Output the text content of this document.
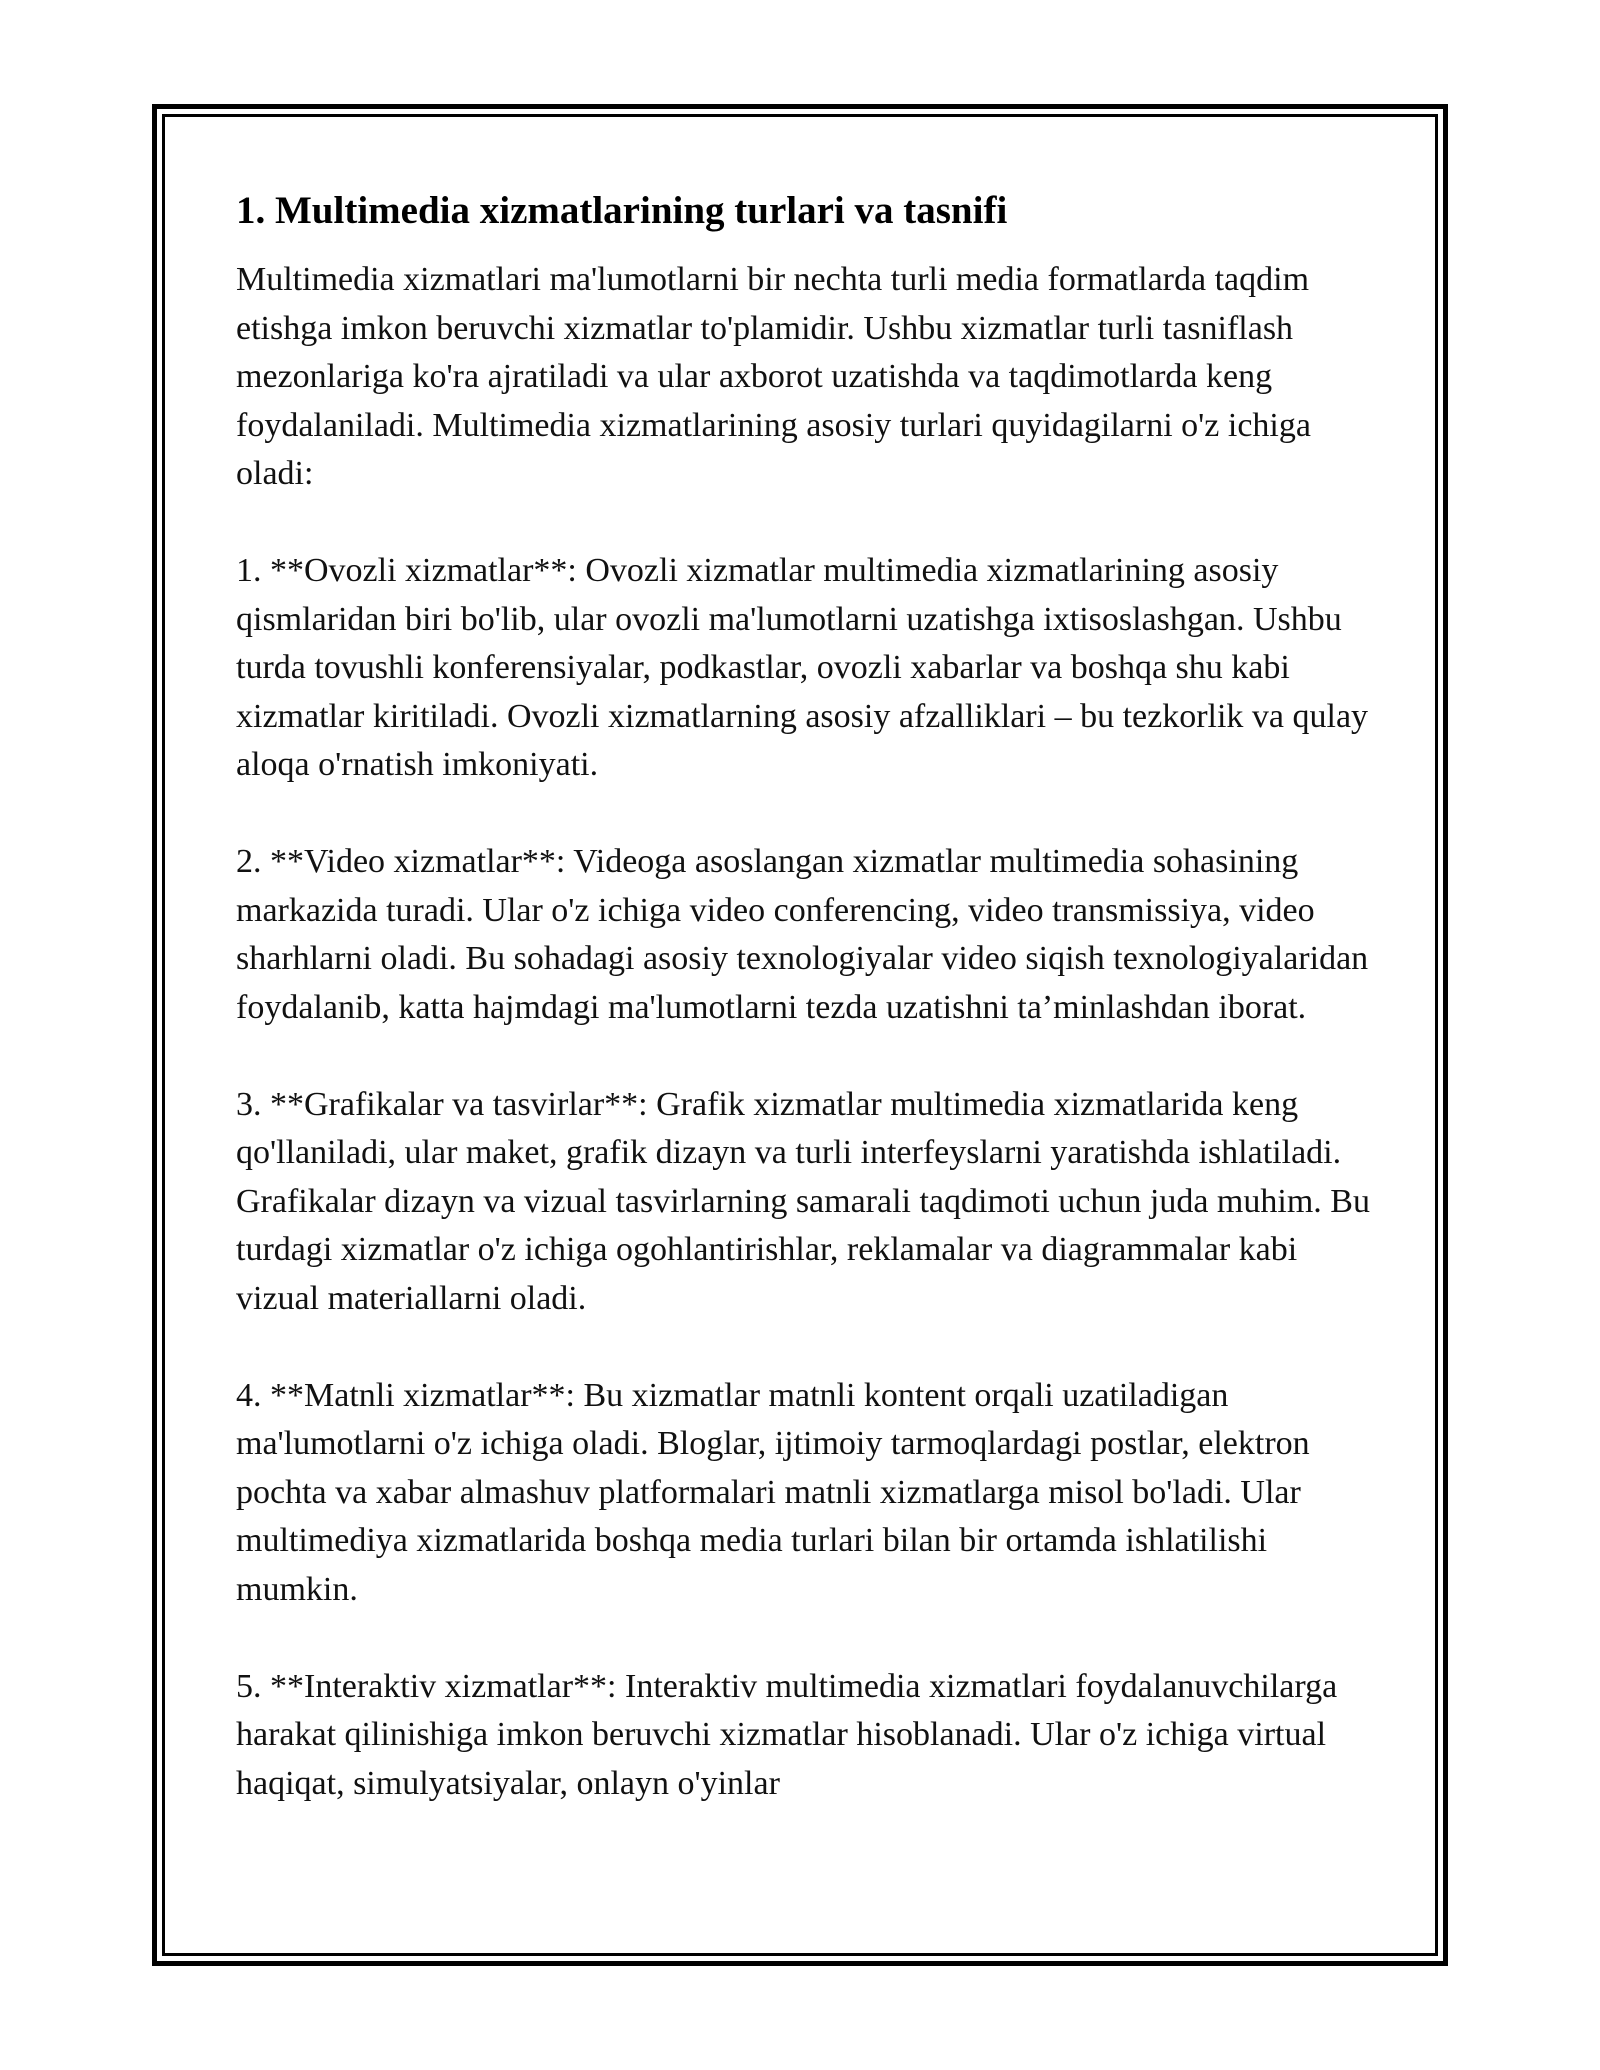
1. Multimedia xizmatlarining turlari va tasnifi

Multimedia xizmatlari ma'lumotlarni bir nechta turli media formatlarda taqdim etishga imkon beruvchi xizmatlar to'plamidir. Ushbu xizmatlar turli tasniflash mezonlariga ko'ra ajratiladi va ular axborot uzatishda va taqdimotlarda keng foydalaniladi. Multimedia xizmatlarining asosiy turlari quyidagilarni o'z ichiga oladi:

1. **Ovozli xizmatlar**: Ovozli xizmatlar multimedia xizmatlarining asosiy qismlaridan biri bo'lib, ular ovozli ma'lumotlarni uzatishga ixtisoslashgan. Ushbu turda tovushli konferensiyalar, podkastlar, ovozli xabarlar va boshqa shu kabi xizmatlar kiritiladi. Ovozli xizmatlarning asosiy afzalliklari – bu tezkorlik va qulay aloqa o'rnatish imkoniyati.

2. **Video xizmatlar**: Videoga asoslangan xizmatlar multimedia sohasining markazida turadi. Ular o'z ichiga video conferencing, video transmissiya, video sharhlarni oladi. Bu sohadagi asosiy texnologiyalar video siqish texnologiyalaridan foydalanib, katta hajmdagi ma'lumotlarni tezda uzatishni ta’minlashdan iborat.

3. **Grafikalar va tasvirlar**: Grafik xizmatlar multimedia xizmatlarida keng qo'llaniladi, ular maket, grafik dizayn va turli interfeyslarni yaratishda ishlatiladi. Grafikalar dizayn va vizual tasvirlarning samarali taqdimoti uchun juda muhim. Bu turdagi xizmatlar o'z ichiga ogohlantirishlar, reklamalar va diagrammalar kabi vizual materiallarni oladi.

4. **Matnli xizmatlar**: Bu xizmatlar matnli kontent orqali uzatiladigan ma'lumotlarni o'z ichiga oladi. Bloglar, ijtimoiy tarmoqlardagi postlar, elektron pochta va xabar almashuv platformalari matnli xizmatlarga misol bo'ladi. Ular multimediya xizmatlarida boshqa media turlari bilan bir ortamda ishlatilishi mumkin.

5. **Interaktiv xizmatlar**: Interaktiv multimedia xizmatlari foydalanuvchilarga harakat qilinishiga imkon beruvchi xizmatlar hisoblanadi. Ular o'z ichiga virtual haqiqat, simulyatsiyalar, onlayn o'yinlar
